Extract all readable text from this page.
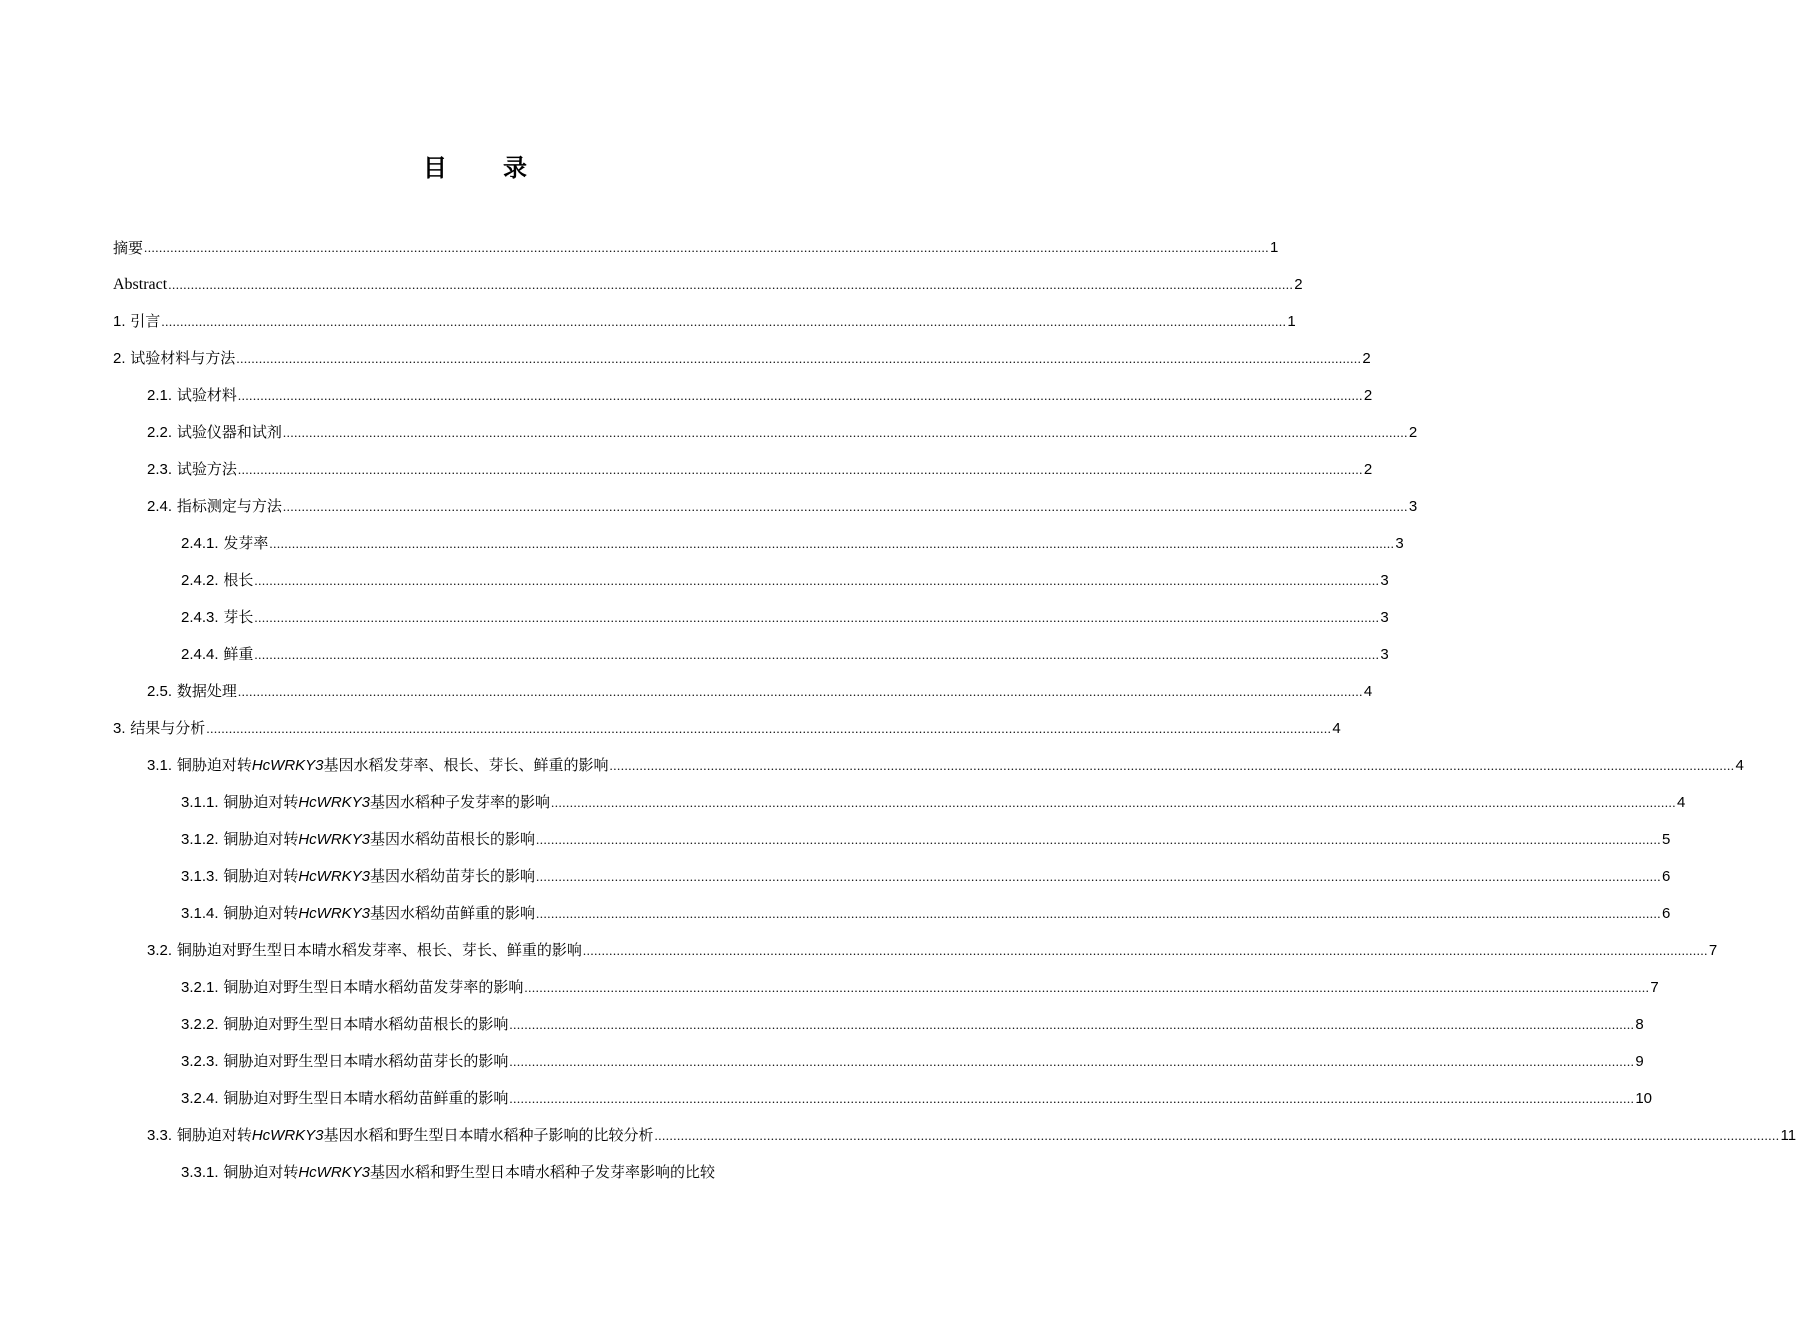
目 录
摘要 ............................................................................................................................................................................................................................................................................................................ 1
Abstract ............................................................................................................................................................................................................................................................................................................ 2
1. 引言 ............................................................................................................................................................................................................................................................................................................ 1
2. 试验材料与方法 ............................................................................................................................................................................................................................................................................................................ 2
2.1. 试验材料 ............................................................................................................................................................................................................................................................................................................ 2
2.2. 试验仪器和试剂 ............................................................................................................................................................................................................................................................................................................ 2
2.3. 试验方法 ............................................................................................................................................................................................................................................................................................................ 2
2.4. 指标测定与方法 ............................................................................................................................................................................................................................................................................................................ 3
2.4.1. 发芽率 ............................................................................................................................................................................................................................................................................................................ 3
2.4.2. 根长 ............................................................................................................................................................................................................................................................................................................ 3
2.4.3. 芽长 ............................................................................................................................................................................................................................................................................................................ 3
2.4.4. 鲜重 ............................................................................................................................................................................................................................................................................................................ 3
2.5. 数据处理 ............................................................................................................................................................................................................................................................................................................ 4
3. 结果与分析 ............................................................................................................................................................................................................................................................................................................ 4
3.1. 铜胁迫对转HcWRKY3基因水稻发芽率、根长、芽长、鲜重的影响 ............................................................................................................................................................................................................................................................................................................ 4
3.1.1. 铜胁迫对转HcWRKY3基因水稻种子发芽率的影响 ............................................................................................................................................................................................................................................................................................................ 4
3.1.2. 铜胁迫对转HcWRKY3基因水稻幼苗根长的影响 ............................................................................................................................................................................................................................................................................................................ 5
3.1.3. 铜胁迫对转HcWRKY3基因水稻幼苗芽长的影响 ............................................................................................................................................................................................................................................................................................................ 6
3.1.4. 铜胁迫对转HcWRKY3基因水稻幼苗鲜重的影响 ............................................................................................................................................................................................................................................................................................................ 6
3.2. 铜胁迫对野生型日本晴水稻发芽率、根长、芽长、鲜重的影响 ............................................................................................................................................................................................................................................................................................................ 7
3.2.1. 铜胁迫对野生型日本晴水稻幼苗发芽率的影响 ............................................................................................................................................................................................................................................................................................................ 7
3.2.2. 铜胁迫对野生型日本晴水稻幼苗根长的影响 ............................................................................................................................................................................................................................................................................................................ 8
3.2.3. 铜胁迫对野生型日本晴水稻幼苗芽长的影响 ............................................................................................................................................................................................................................................................................................................ 9
3.2.4. 铜胁迫对野生型日本晴水稻幼苗鲜重的影响 ............................................................................................................................................................................................................................................................................................................ 10
3.3. 铜胁迫对转HcWRKY3基因水稻和野生型日本晴水稻种子影响的比较分析 ............................................................................................................................................................................................................................................................................................................ 11
3.3.1. 铜胁迫对转HcWRKY3基因水稻和野生型日本晴水稻种子发芽率影响的比较
